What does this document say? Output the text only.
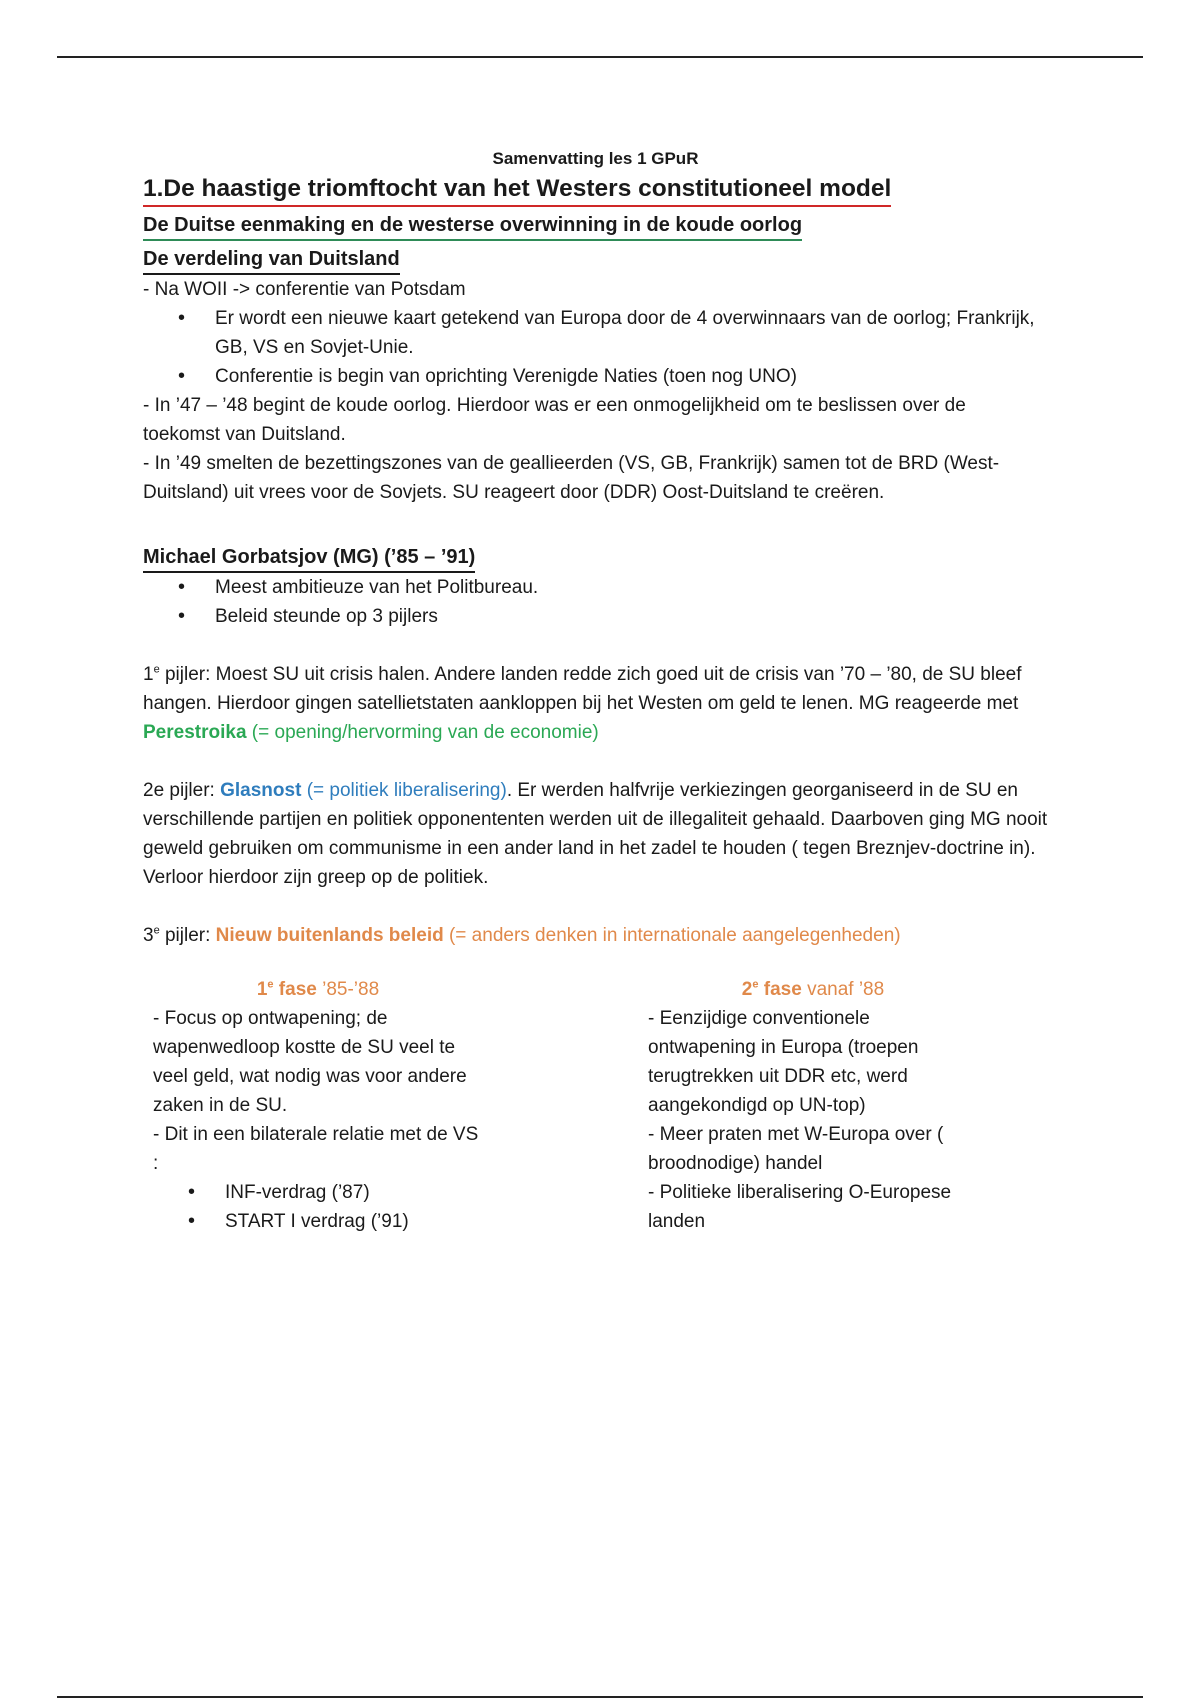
Samenvatting les 1 GPuR
1.De haastige triomftocht van het Westers constitutioneel model
De Duitse eenmaking en de westerse overwinning in de koude oorlog
De verdeling van Duitsland

- Na WOII -> conferentie van Potsdam

• Er wordt een nieuwe kaart getekend van Europa door de 4 overwinnaars van de oorlog; Frankrijk, GB, VS en Sovjet-Unie.
• Conferentie is begin van oprichting Verenigde Naties (toen nog UNO)

- In ’47 – ’48 begint de koude oorlog. Hierdoor was er een onmogelijkheid om te beslissen over de toekomst van Duitsland.

- In ’49 smelten de bezettingszones van de geallieerden (VS, GB, Frankrijk) samen tot de BRD (West-Duitsland) uit vrees voor de Sovjets. SU reageert door (DDR) Oost-Duitsland te creëren.

Michael Gorbatsjov (MG) (’85 – ’91)
• Meest ambitieuze van het Politbureau.
• Beleid steunde op 3 pijlers

1e pijler: Moest SU uit crisis halen. Andere landen redde zich goed uit de crisis van ’70 – ’80, de SU bleef hangen. Hierdoor gingen satellietstaten aankloppen bij het Westen om geld te lenen. MG reageerde met Perestroika (= opening/hervorming van de economie)

2e pijler: Glasnost (= politiek liberalisering). Er werden halfvrije verkiezingen georganiseerd in de SU en verschillende partijen en politiek opponententen werden uit de illegaliteit gehaald. Daarboven ging MG nooit geweld gebruiken om communisme in een ander land in het zadel te houden ( tegen Breznjev-doctrine in). Verloor hierdoor zijn greep op de politiek.

3e pijler: Nieuw buitenlands beleid (= anders denken in internationale aangelegenheden)

1e fase ’85-’88

- Focus op ontwapening; de wapenwedloop kostte de SU veel te veel geld, wat nodig was voor andere zaken in de SU.

- Dit in een bilaterale relatie met de VS :

• INF-verdrag (’87)
• START I verdrag (’91)
2e fase vanaf ’88

- Eenzijdige conventionele ontwapening in Europa (troepen terugtrekken uit DDR etc, werd aangekondigd op UN-top)

- Meer praten met W-Europa over ( broodnodige) handel

- Politieke liberalisering O-Europese landen
